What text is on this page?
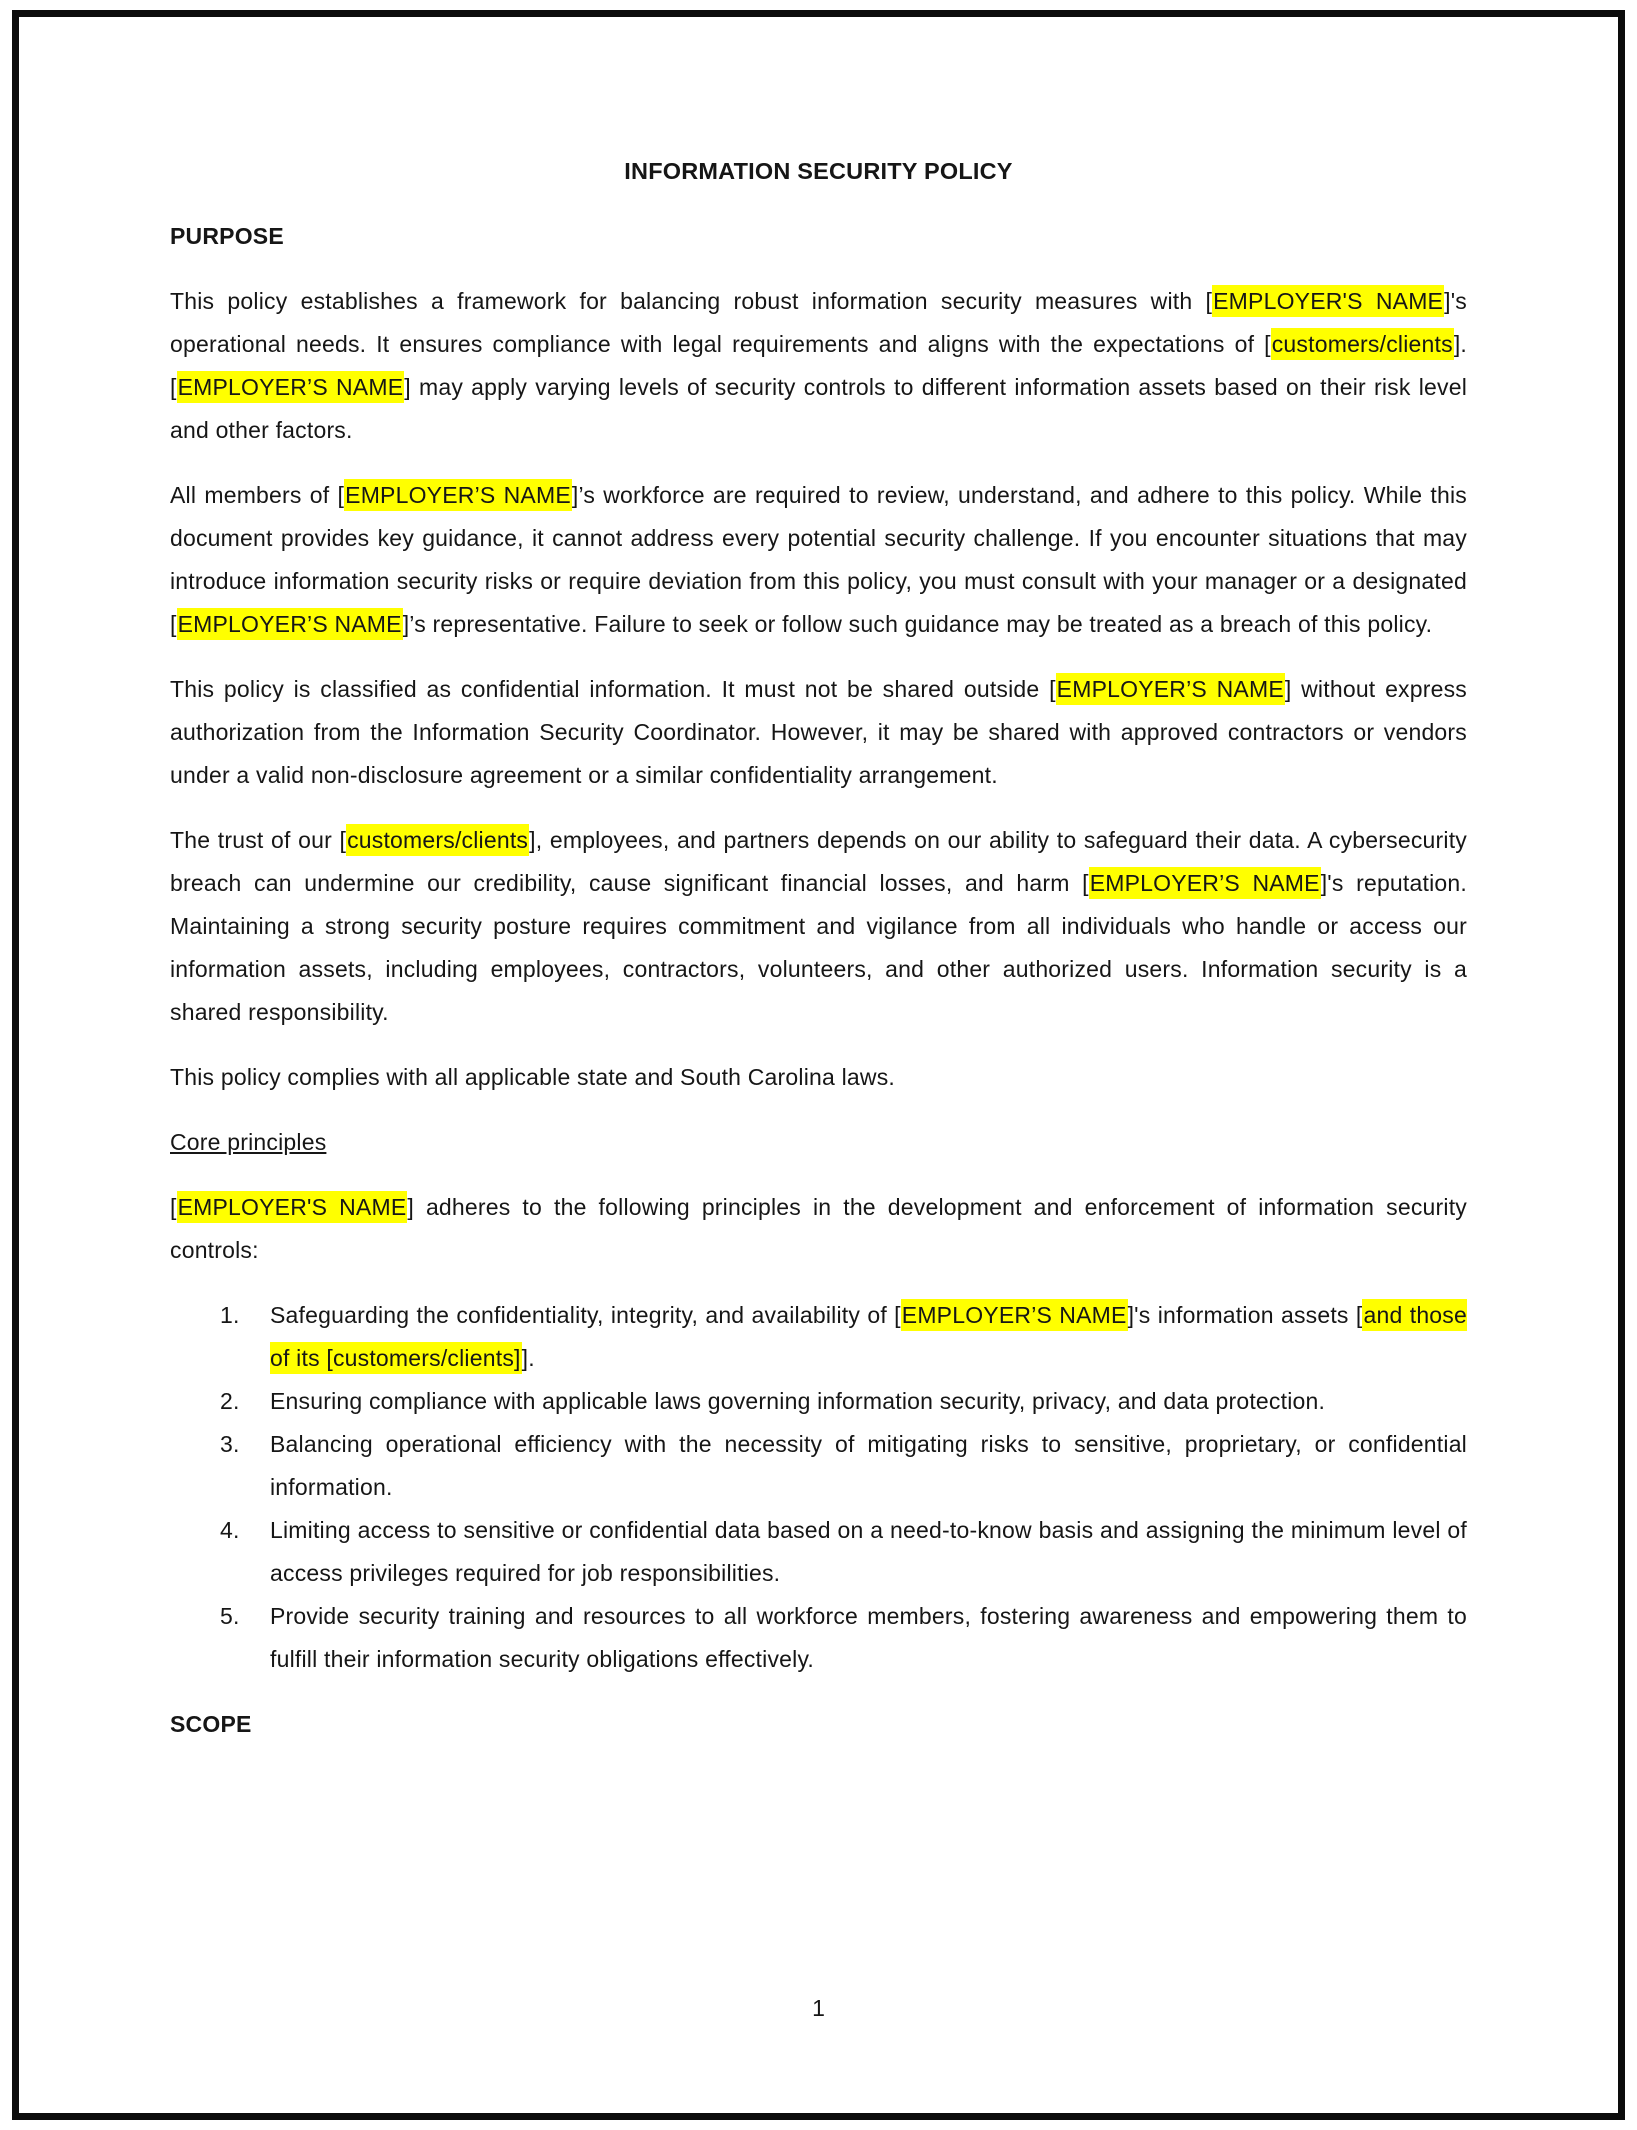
INFORMATION SECURITY POLICY

PURPOSE

This policy establishes a framework for balancing robust information security measures with [EMPLOYER'S NAME]'s operational needs. It ensures compliance with legal requirements and aligns with the expectations of [customers/clients]. [EMPLOYER’S NAME] may apply varying levels of security controls to different information assets based on their risk level and other factors.

All members of [EMPLOYER’S NAME]’s workforce are required to review, understand, and adhere to this policy. While this document provides key guidance, it cannot address every potential security challenge. If you encounter situations that may introduce information security risks or require deviation from this policy, you must consult with your manager or a designated [EMPLOYER’S NAME]’s representative. Failure to seek or follow such guidance may be treated as a breach of this policy.

This policy is classified as confidential information. It must not be shared outside [EMPLOYER’S NAME] without express authorization from the Information Security Coordinator. However, it may be shared with approved contractors or vendors under a valid non-disclosure agreement or a similar confidentiality arrangement.

The trust of our [customers/clients], employees, and partners depends on our ability to safeguard their data. A cybersecurity breach can undermine our credibility, cause significant financial losses, and harm [EMPLOYER’S NAME]'s reputation. Maintaining a strong security posture requires commitment and vigilance from all individuals who handle or access our information assets, including employees, contractors, volunteers, and other authorized users. Information security is a shared responsibility.

This policy complies with all applicable state and South Carolina laws.

Core principles

[EMPLOYER'S NAME] adheres to the following principles in the development and enforcement of information security controls:

1.	Safeguarding the confidentiality, integrity, and availability of [EMPLOYER’S NAME]'s information assets [and those of its [customers/clients]].
2.	Ensuring compliance with applicable laws governing information security, privacy, and data protection.
3.	Balancing operational efficiency with the necessity of mitigating risks to sensitive, proprietary, or confidential information.
4.	Limiting access to sensitive or confidential data based on a need-to-know basis and assigning the minimum level of access privileges required for job responsibilities.
5.	Provide security training and resources to all workforce members, fostering awareness and empowering them to fulfill their information security obligations effectively.

SCOPE

1
